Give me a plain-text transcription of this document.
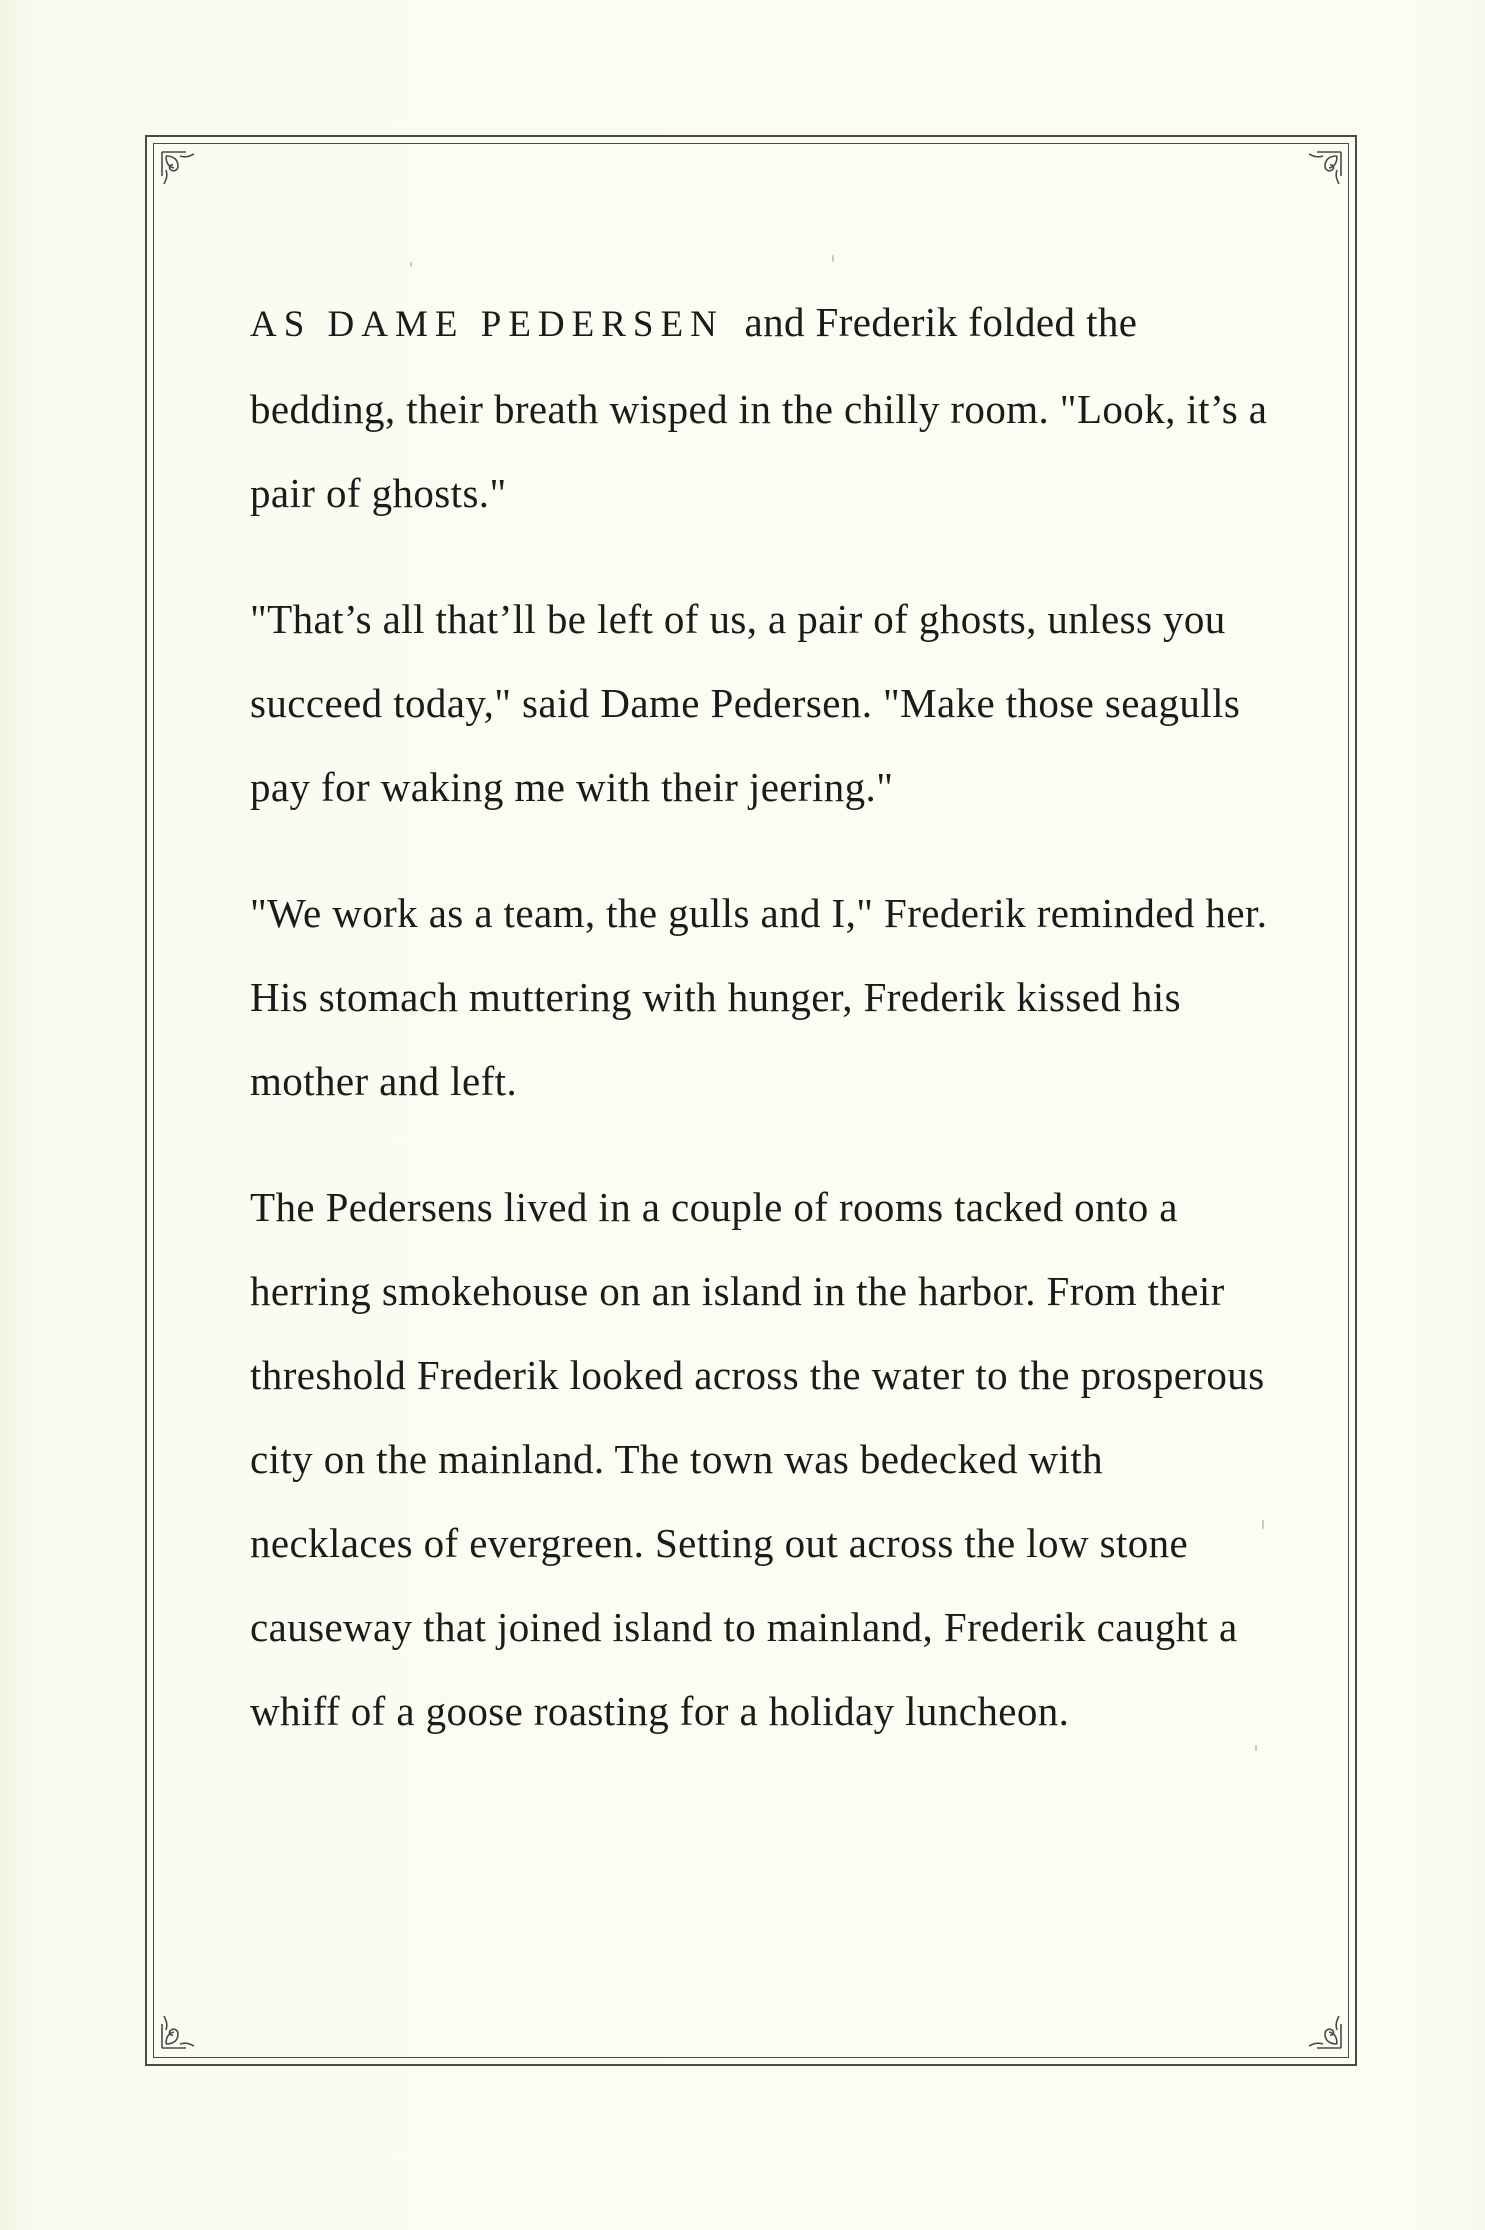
AS DAME PEDERSEN and Frederik folded the bedding, their breath wisped in the chilly room. "Look, it’s a pair of ghosts."

"That’s all that’ll be left of us, a pair of ghosts, unless you succeed today," said Dame Pedersen. "Make those seagulls pay for waking me with their jeering."

"We work as a team, the gulls and I," Frederik reminded her. His stomach muttering with hunger, Frederik kissed his mother and left.

The Pedersens lived in a couple of rooms tacked onto a herring smokehouse on an island in the harbor. From their threshold Frederik looked across the water to the prosperous city on the mainland. The town was bedecked with necklaces of evergreen. Setting out across the low stone causeway that joined island to mainland, Frederik caught a whiff of a goose roasting for a holiday luncheon.
